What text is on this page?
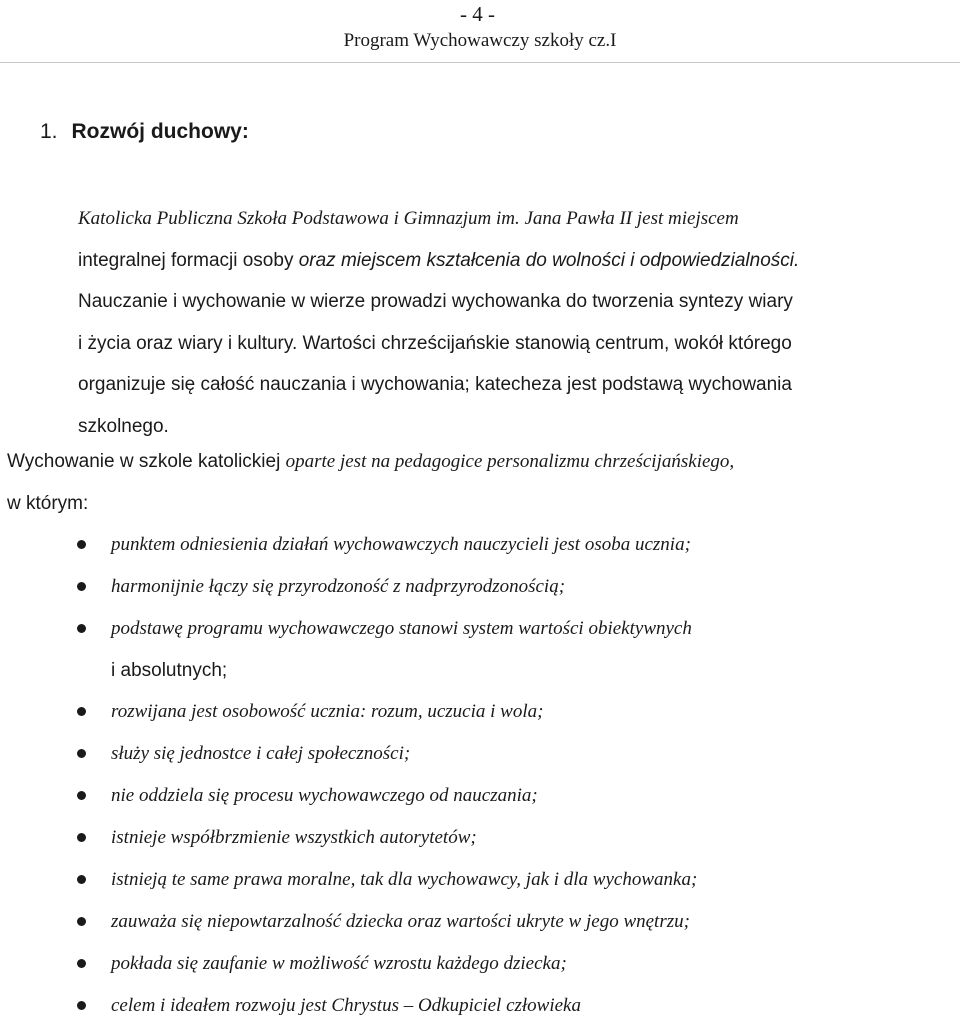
- 4 -
Program Wychowawczy szkoły cz.I
1. Rozwój duchowy:
Katolicka Publiczna Szkoła Podstawowa i Gimnazjum im. Jana Pawła II jest miejscem
integralnej formacji osoby oraz miejscem kształcenia do wolności i odpowiedzialności.
Nauczanie i wychowanie w wierze prowadzi wychowanka do tworzenia syntezy wiary
i życia oraz wiary i kultury. Wartości chrześcijańskie stanowią centrum, wokół którego
organizuje się całość nauczania i wychowania; katecheza jest podstawą wychowania
szkolnego.
Wychowanie w szkole katolickiej oparte jest na pedagogice personalizmu chrześcijańskiego,
w którym:
punktem odniesienia działań wychowawczych nauczycieli jest osoba ucznia;
harmonijnie łączy się przyrodzoność z nadprzyrodzonością;
podstawę programu wychowawczego stanowi system wartości obiektywnych
i absolutnych;
rozwijana jest osobowość ucznia: rozum, uczucia i wola;
służy się jednostce i całej społeczności;
nie oddziela się procesu wychowawczego od nauczania;
istnieje współbrzmienie wszystkich autorytetów;
istnieją te same prawa moralne, tak dla wychowawcy, jak i dla wychowanka;
zauważa się niepowtarzalność dziecka oraz wartości ukryte w jego wnętrzu;
pokłada się zaufanie w możliwość wzrostu każdego dziecka;
celem i ideałem rozwoju jest Chrystus – Odkupiciel człowieka
